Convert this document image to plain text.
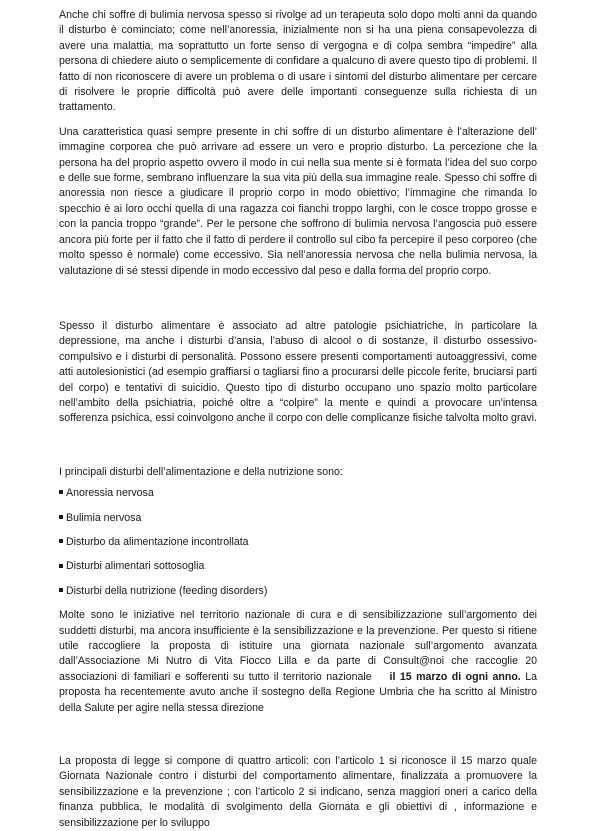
Anche chi soffre di bulimia nervosa spesso si rivolge ad un terapeuta solo dopo molti anni da quando il disturbo è cominciato; come nell’anoressia, inizialmente non si ha una piena consapevolezza di avere una malattia, ma soprattutto un forte senso di vergogna e di colpa sembra “impedire” alla persona di chiedere aiuto o semplicemente di confidare a qualcuno di avere questo tipo di problemi. Il fatto di non riconoscere di avere un problema o di usare i sintomi del disturbo alimentare per cercare di risolvere le proprie difficoltà può avere delle importanti conseguenze sulla richiesta di un trattamento.

Una caratteristica quasi sempre presente in chi soffre di un disturbo alimentare è l’alterazione dell’ immagine corporea che può arrivare ad essere un vero e proprio disturbo. La percezione che la persona ha del proprio aspetto ovvero il modo in cui nella sua mente si è formata l’idea del suo corpo e delle sue forme, sembrano influenzare la sua vita più della sua immagine reale. Spesso chi soffre di anoressia non riesce a giudicare il proprio corpo in modo obiettivo; l’immagine che rimanda lo specchio è ai loro occhi quella di una ragazza coi fianchi troppo larghi, con le cosce troppo grosse e con la pancia troppo “grande”. Per le persone che soffrono di bulimia nervosa l’angoscia può essere ancora più forte per il fatto che il fatto di perdere il controllo sul cibo fa percepire il peso corporeo (che molto spesso è normale) come eccessivo. Sia nell’anoressia nervosa che nella bulimia nervosa, la valutazione di sé stessi dipende in modo eccessivo dal peso e dalla forma del proprio corpo.

Spesso il disturbo alimentare è associato ad altre patologie psichiatriche, in particolare la depressione, ma anche i disturbi d’ansia, l’abuso di alcool o di sostanze, il disturbo ossessivo-compulsivo e i disturbi di personalità. Possono essere presenti comportamenti autoaggressivi, come atti autolesionistici (ad esempio graffiarsi o tagliarsi fino a procurarsi delle piccole ferite, bruciarsi parti del corpo) e tentativi di suicidio. Questo tipo di disturbo occupano uno spazio molto particolare nell’ambito della psichiatria, poiché oltre a “colpire” la mente e quindi a provocare un’intensa sofferenza psichica, essi coinvolgono anche il corpo con delle complicanze fisiche talvolta molto gravi.

I principali disturbi dell’alimentazione e della nutrizione sono:

Anoressia nervosa
Bulimia nervosa
Disturbo da alimentazione incontrollata
Disturbi alimentari sottosoglia
Disturbi della nutrizione (feeding disorders)

Molte sono le iniziative nel territorio nazionale di cura e di sensibilizzazione sull’argomento dei suddetti disturbi, ma ancora insufficiente è la sensibilizzazione e la prevenzione. Per questo si ritiene utile raccogliere la proposta di istituire una giornata nazionale sull’argomento avanzata dall’Associazione Mi Nutro di Vita Fiocco Lilla e da parte di Consult@noi che raccoglie 20 associazioni di familiari e sofferenti su tutto il territorio nazionale il 15 marzo di ogni anno. La proposta ha recentemente avuto anche il sostegno della Regione Umbria che ha scritto al Ministro della Salute per agire nella stessa direzione

La proposta di legge si compone di quattro articoli: con l’articolo 1 si riconosce il 15 marzo quale Giornata Nazionale contro i disturbi del comportamento alimentare, finalizzata a promuovere la sensibilizzazione e la prevenzione ; con l’articolo 2 si indicano, senza maggiori oneri a carico della finanza pubblica, le modalità di svolgimento della Giornata e gli obiettivi di , informazione e sensibilizzazione per lo sviluppo
